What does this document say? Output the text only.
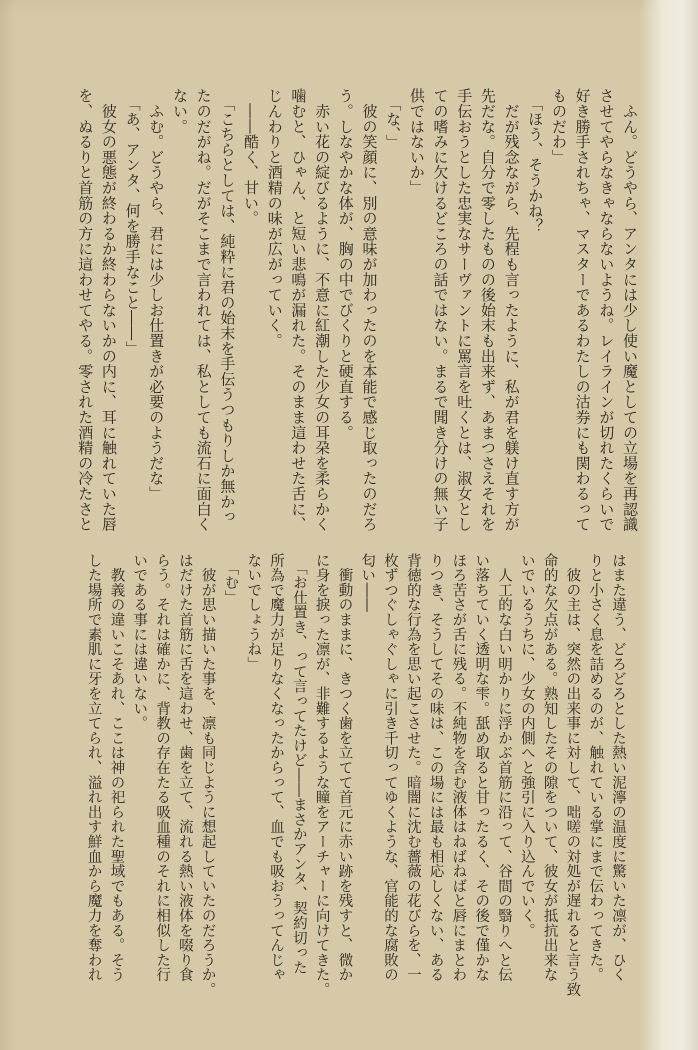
　ふん。どうやら、アンタには少し使い魔としての立場を再認識
させてやらなきゃならないようね。レイラインが切れたくらいで
好き勝手されちゃ、マスターであるわたしの沽券にも関わるって
ものだわ」
　「ほう、そうかね？
　だが残念ながら、先程も言ったように、私が君を躾け直す方が
先だな。自分で零したものの後始末も出来ず、あまつさえそれを
手伝おうとした忠実なサーヴァントに罵言を吐くとは、淑女とし
ての嗜みに欠けるどころの話ではない。まるで聞き分けの無い子
供ではないか」
　「な、」
　彼の笑顔に、別の意味が加わったのを本能で感じ取ったのだろ
う。しなやかな体が、胸の中でびくりと硬直する。
　赤い花の綻びるように、不意に紅潮した少女の耳朶を柔らかく
噛むと、ひゃん、と短い悲鳴が漏れた。そのまま這わせた舌に、
じんわりと酒精の味が広がっていく。
　――酷く、甘い。
　「こちらとしては、純粋に君の始末を手伝うつもりしか無かっ
たのだがね。だがそこまで言われては、私としても流石に面白く
ない。
　ふむ。どうやら、君には少しお仕置きが必要のようだな」
　「あ、アンタ、何を勝手なこと――」
　彼女の悪態が終わるか終わらないかの内に、耳に触れていた唇
を、ぬるりと首筋の方に這わせてやる。零された酒精の冷たさと
はまた違う、どろどろとした熱い泥濘の温度に驚いた凛が、ひく
りと小さく息を詰めるのが、触れている掌にまで伝わってきた。
　彼の主は、突然の出来事に対して、咄嗟の対処が遅れると言う致
命的な欠点がある。熟知したその隙をついて、彼女が抵抗出来な
いでいるうちに、少女の内側へと強引に入り込んでいく。
　人工的な白い明かりに浮かぶ首筋に沿って、谷間の翳りへと伝
い落ちていく透明な雫。舐め取ると甘ったるく、その後で僅かな
ほろ苦さが舌に残る。不純物を含む液体はねばねばと唇にまとわ
りつき、そうしてその味は、この場には最も相応しくない、ある
背徳的な行為を思い起こさせた。暗闇に沈む薔薇の花びらを、一
枚ずつぐしゃぐしゃに引き千切ってゆくような、官能的な腐敗の
匂い――
　衝動のままに、きつく歯を立てて首元に赤い跡を残すと、微か
に身を捩った凛が、非難するような瞳をアーチャーに向けてきた。
　「お仕置き、って言ってたけど――まさかアンタ、契約切った
所為で魔力が足りなくなったからって、血でも吸おうってんじゃ
ないでしょうね」
　「む」
　彼が思い描いた事を、凛も同じように想起していたのだろうか。
はだけた首筋に舌を這わせ、歯を立て、流れる熱い液体を啜り食
らう。それは確かに、背教の存在たる吸血種のそれに相似した行
いである事には違いない。
　教義の違いこそあれ、ここは神の祀られた聖域でもある。そう
した場所で素肌に牙を立てられ、溢れ出す鮮血から魔力を奪われ
